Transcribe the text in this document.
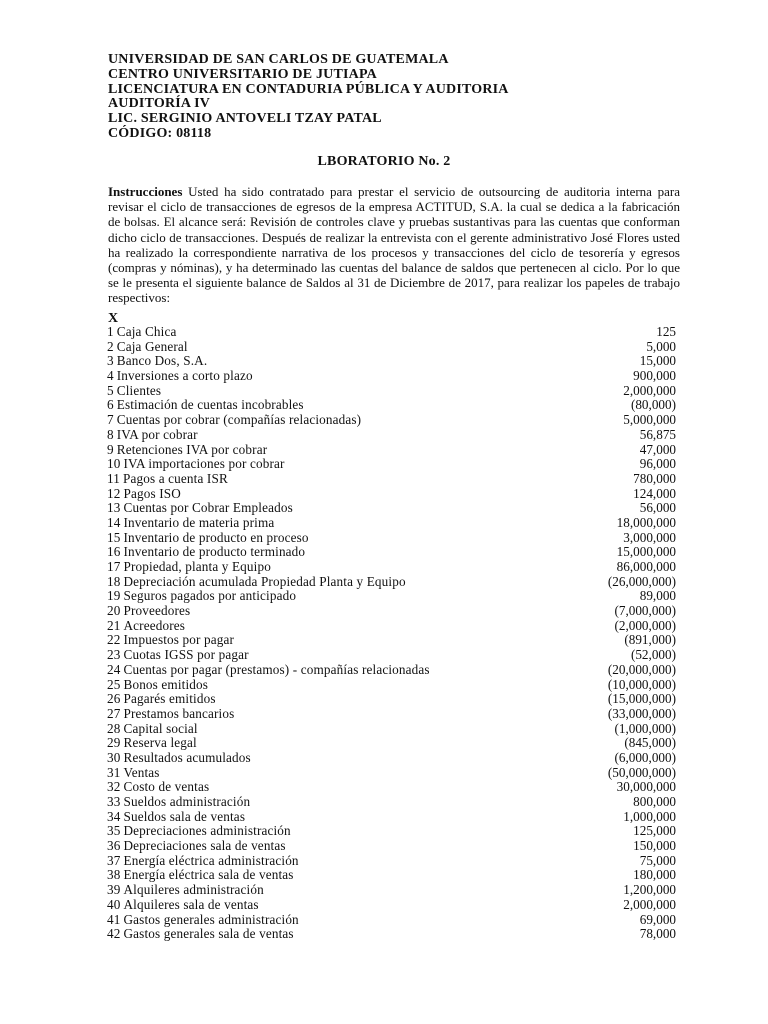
UNIVERSIDAD DE SAN CARLOS DE GUATEMALA
CENTRO UNIVERSITARIO DE JUTIAPA
LICENCIATURA EN CONTADURIA PÚBLICA Y AUDITORIA
AUDITORÍA IV
LIC. SERGINIO ANTOVELI TZAY PATAL
CÓDIGO: 08118
LBORATORIO No. 2
Instrucciones Usted ha sido contratado para prestar el servicio de outsourcing de auditoria interna para revisar el ciclo de transacciones de egresos de la empresa ACTITUD, S.A. la cual se dedica a la fabricación de bolsas. El alcance será: Revisión de controles clave y pruebas sustantivas para las cuentas que conforman dicho ciclo de transacciones. Después de realizar la entrevista con el gerente administrativo José Flores usted ha realizado la correspondiente narrativa de los procesos y transacciones del ciclo de tesorería y egresos (compras y nóminas), y ha determinado las cuentas del balance de saldos que pertenecen al ciclo. Por lo que se le presenta el siguiente balance de Saldos al 31 de Diciembre de 2017, para realizar los papeles de trabajo respectivos:
X
1 Caja Chica	125
2 Caja General	5,000
3 Banco Dos, S.A.	15,000
4 Inversiones a corto plazo	900,000
5 Clientes	2,000,000
6 Estimación de cuentas incobrables	(80,000)
7 Cuentas por cobrar (compañías relacionadas)	5,000,000
8 IVA por cobrar	56,875
9 Retenciones IVA por cobrar	47,000
10 IVA importaciones por cobrar	96,000
11 Pagos a cuenta ISR	780,000
12 Pagos ISO	124,000
13 Cuentas por Cobrar Empleados	56,000
14 Inventario de materia prima	18,000,000
15 Inventario de producto en proceso	3,000,000
16 Inventario de producto terminado	15,000,000
17 Propiedad, planta y Equipo	86,000,000
18 Depreciación acumulada Propiedad Planta y Equipo	(26,000,000)
19 Seguros pagados por anticipado	89,000
20 Proveedores	(7,000,000)
21 Acreedores	(2,000,000)
22 Impuestos por pagar	(891,000)
23 Cuotas IGSS por pagar	(52,000)
24 Cuentas por pagar (prestamos) - compañías relacionadas	(20,000,000)
25 Bonos emitidos	(10,000,000)
26 Pagarés emitidos	(15,000,000)
27 Prestamos bancarios	(33,000,000)
28 Capital social	(1,000,000)
29 Reserva legal	(845,000)
30 Resultados acumulados	(6,000,000)
31 Ventas	(50,000,000)
32 Costo de ventas	30,000,000
33 Sueldos administración	800,000
34 Sueldos sala de ventas	1,000,000
35 Depreciaciones administración	125,000
36 Depreciaciones sala de ventas	150,000
37 Energía eléctrica administración	75,000
38 Energía eléctrica sala de ventas	180,000
39 Alquileres administración	1,200,000
40 Alquileres sala de ventas	2,000,000
41 Gastos generales administración	69,000
42 Gastos generales sala de ventas	78,000
